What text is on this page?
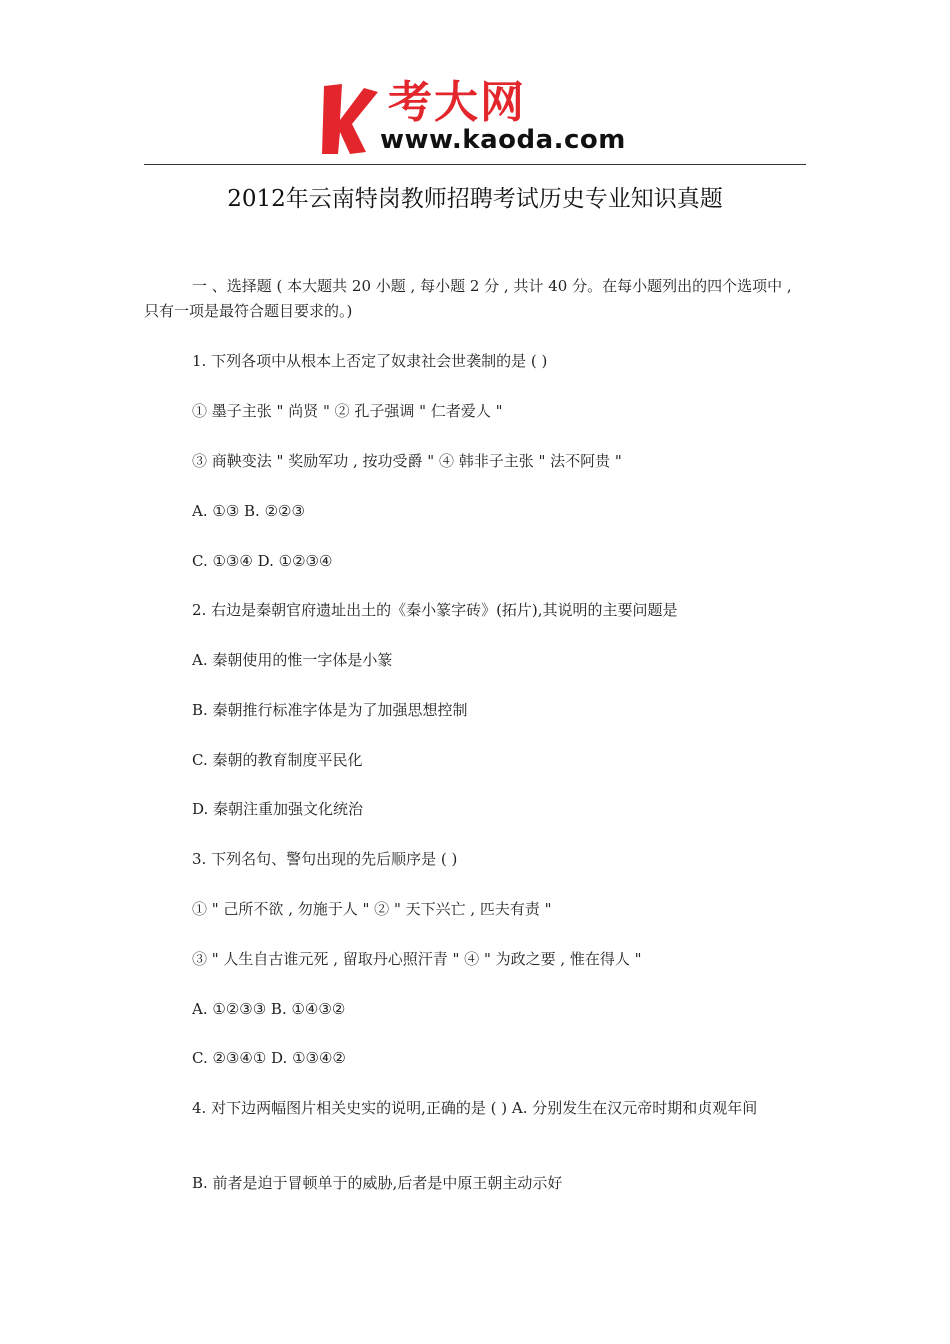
考大网
www.kaoda.com
2012年云南特岗教师招聘考试历史专业知识真题
一 、选择题 ( 本大题共 20 小题 , 每小题 2 分 , 共计 40 分。在每小题列出的四个选项中 , 只有一项是最符合题目要求的。)
1. 下列各项中从根本上否定了奴隶社会世袭制的是 ( )
① 墨子主张 " 尚贤 " ② 孔子强调 " 仁者爱人 "
③ 商鞅变法 " 奖励军功 , 按功受爵 " ④ 韩非子主张 " 法不阿贵 "
A. ①③ B. ②②③
C. ①③④ D. ①②③④
2. 右边是秦朝官府遗址出土的《秦小篆字砖》(拓片),其说明的主要问题是
A. 秦朝使用的惟一字体是小篆
B. 秦朝推行标准字体是为了加强思想控制
C. 秦朝的教育制度平民化
D. 秦朝注重加强文化统治
3. 下列名句、警句出现的先后顺序是 ( )
① " 己所不欲 , 勿施于人 " ② " 天下兴亡 , 匹夫有责 "
③ " 人生自古谁元死 , 留取丹心照汗青 " ④ " 为政之要 , 惟在得人 "
A. ①②③③ B. ①④③②
C. ②③④① D. ①③④②
4. 对下边两幅图片相关史实的说明,正确的是 ( ) A. 分别发生在汉元帝时期和贞观年间
B. 前者是迫于冒顿单于的威胁,后者是中原王朝主动示好
